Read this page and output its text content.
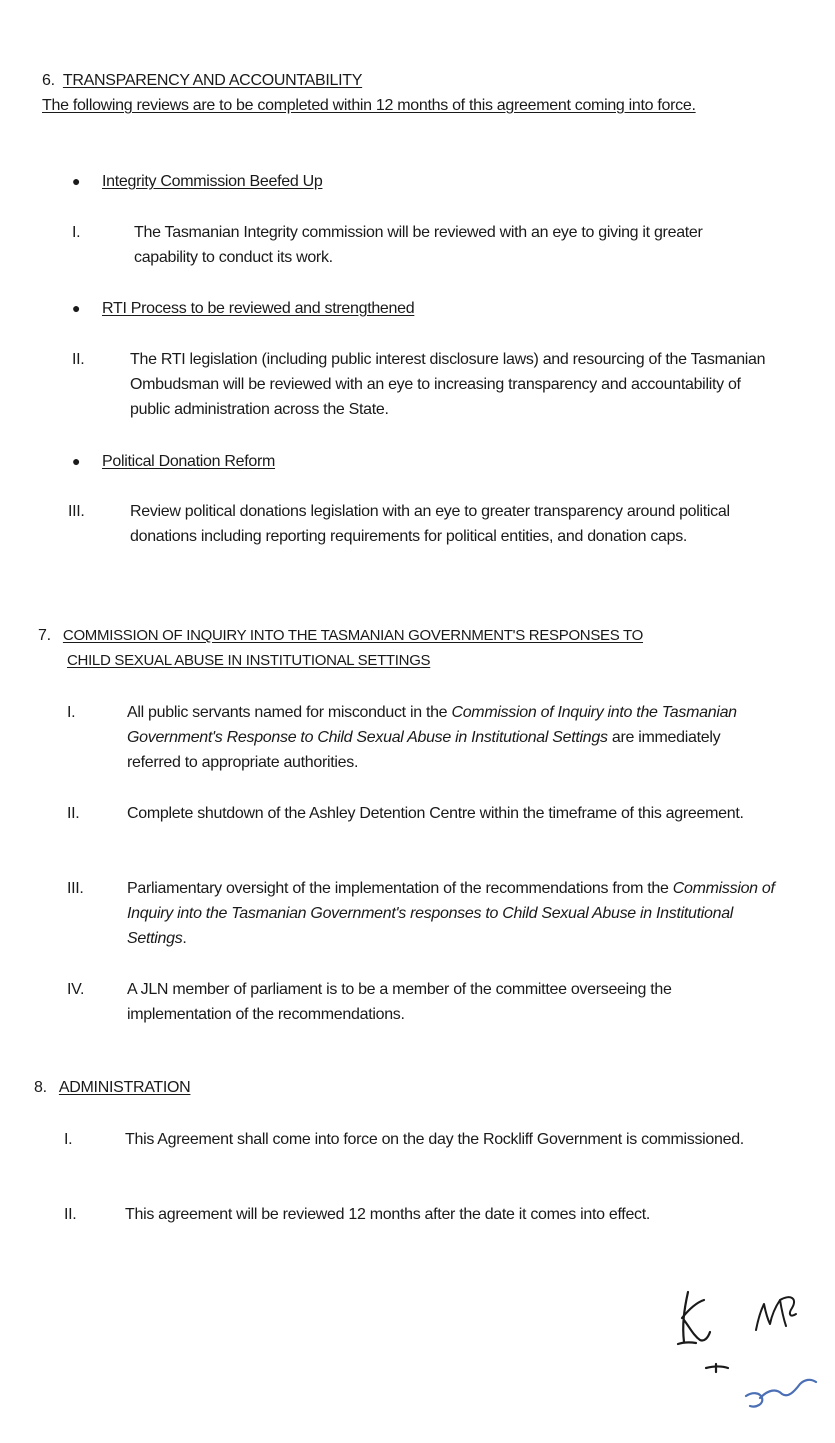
6. TRANSPARENCY AND ACCOUNTABILITY
The following reviews are to be completed within 12 months of this agreement coming into force.
● Integrity Commission Beefed Up
I.	The Tasmanian Integrity commission will be reviewed with an eye to giving it greater capability to conduct its work.
● RTI Process to be reviewed and strengthened
II.	The RTI legislation (including public interest disclosure laws) and resourcing of the Tasmanian Ombudsman will be reviewed with an eye to increasing transparency and accountability of public administration across the State.
● Political Donation Reform
III.	Review political donations legislation with an eye to greater transparency around political donations including reporting requirements for political entities, and donation caps.
7. COMMISSION OF INQUIRY INTO THE TASMANIAN GOVERNMENT'S RESPONSES TO
CHILD SEXUAL ABUSE IN INSTITUTIONAL SETTINGS
I.	All public servants named for misconduct in the Commission of Inquiry into the Tasmanian Government's Response to Child Sexual Abuse in Institutional Settings are immediately referred to appropriate authorities.
II.	Complete shutdown of the Ashley Detention Centre within the timeframe of this agreement.
III.	Parliamentary oversight of the implementation of the recommendations from the Commission of Inquiry into the Tasmanian Government's responses to Child Sexual Abuse in Institutional Settings.
IV.	A JLN member of parliament is to be a member of the committee overseeing the implementation of the recommendations.
8. ADMINISTRATION
I.	This Agreement shall come into force on the day the Rockliff Government is commissioned.
II.	This agreement will be reviewed 12 months after the date it comes into effect.
